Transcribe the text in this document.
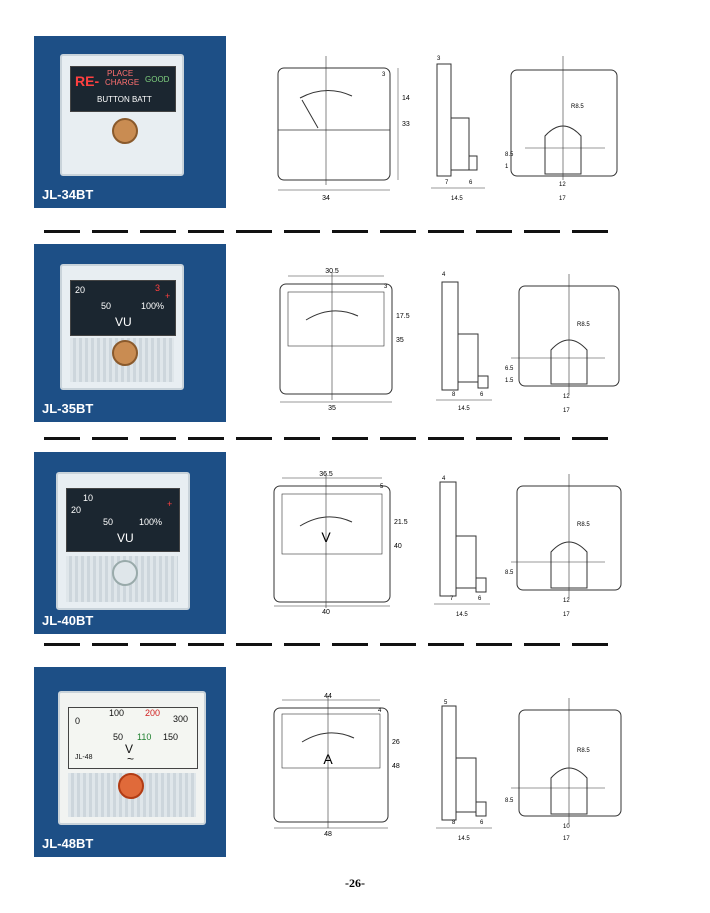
RE- PLACE
CHARGE GOOD
BUTTON BATT
JL-34BT	34
33
14
3
3
7	6
14.5
R8.5
8.5
1
12
17
20
50	100%
VU
3
+
JL-35BT
30.5
35
35
17.5
3
4
8	6
14.5
R8.5
6.5
1.5
12
17
20
10
50	100%
VU
+
JL-40BT
V
36.5
40
40
21.5
5
4
7	6
14.5
R8.5
8.5
12
17
0
100 200
300
50 110 150
V
~
JL-48
JL-48BT
A
44
48
48
26
4
5
8	6
14.5
R8.5
8.5
10
17
-26-
